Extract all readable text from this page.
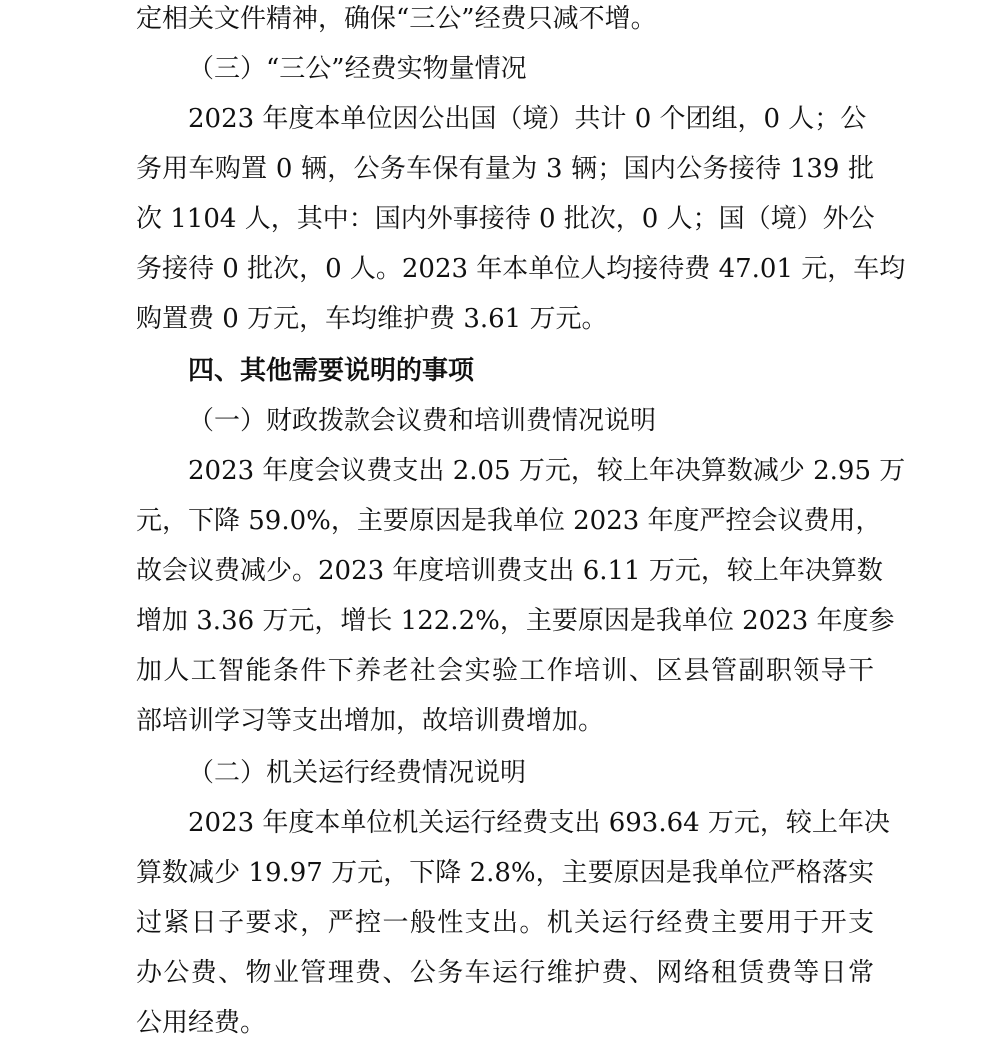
定相关文件精神，确保“三公”经费只减不增。
（三）“三公”经费实物量情况
2023 年度本单位因公出国（境）共计 0 个团组，0 人；公
务用车购置 0 辆，公务车保有量为 3 辆；国内公务接待 139 批
次 1104 人，其中：国内外事接待 0 批次，0 人；国（境）外公
务接待 0 批次，0 人。2023 年本单位人均接待费 47.01 元，车均
购置费 0 万元，车均维护费 3.61 万元。
四、其他需要说明的事项
（一）财政拨款会议费和培训费情况说明
2023 年度会议费支出 2.05 万元，较上年决算数减少 2.95 万
元，下降 59.0%，主要原因是我单位 2023 年度严控会议费用，
故会议费减少。2023 年度培训费支出 6.11 万元，较上年决算数
增加 3.36 万元，增长 122.2%，主要原因是我单位 2023 年度参
加人工智能条件下养老社会实验工作培训、区县管副职领导干
部培训学习等支出增加，故培训费增加。
（二）机关运行经费情况说明
2023 年度本单位机关运行经费支出 693.64 万元，较上年决
算数减少 19.97 万元，下降 2.8%，主要原因是我单位严格落实
过紧日子要求，严控一般性支出。机关运行经费主要用于开支
办公费、物业管理费、公务车运行维护费、网络租赁费等日常
公用经费。
